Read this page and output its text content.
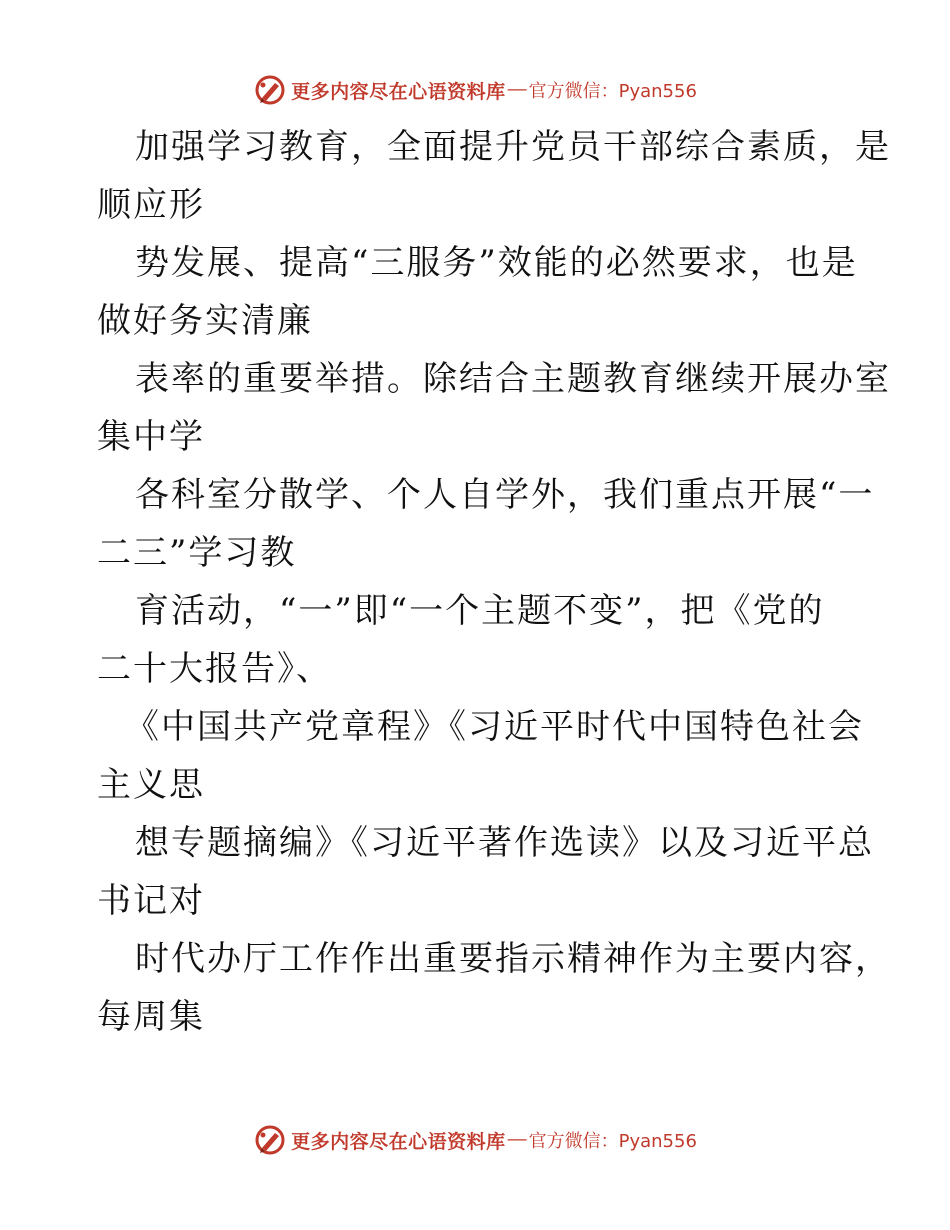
更多内容尽在心语资料库 — 官方微信：Pyan556
加强学习教育，全面提升党员干部综合素质，是
顺应形
势发展、提高“三服务”效能的必然要求，也是
做好务实清廉
表率的重要举措。除结合主题教育继续开展办室
集中学
各科室分散学、个人自学外，我们重点开展“一
二三”学习教
育活动，“一”即“一个主题不变”，把《党的
二十大报告》、
《中国共产党章程》《习近平时代中国特色社会
主义思
想专题摘编》《习近平著作选读》以及习近平总
书记对
时代办厅工作作出重要指示精神作为主要内容，
每周集
更多内容尽在心语资料库 — 官方微信：Pyan556
